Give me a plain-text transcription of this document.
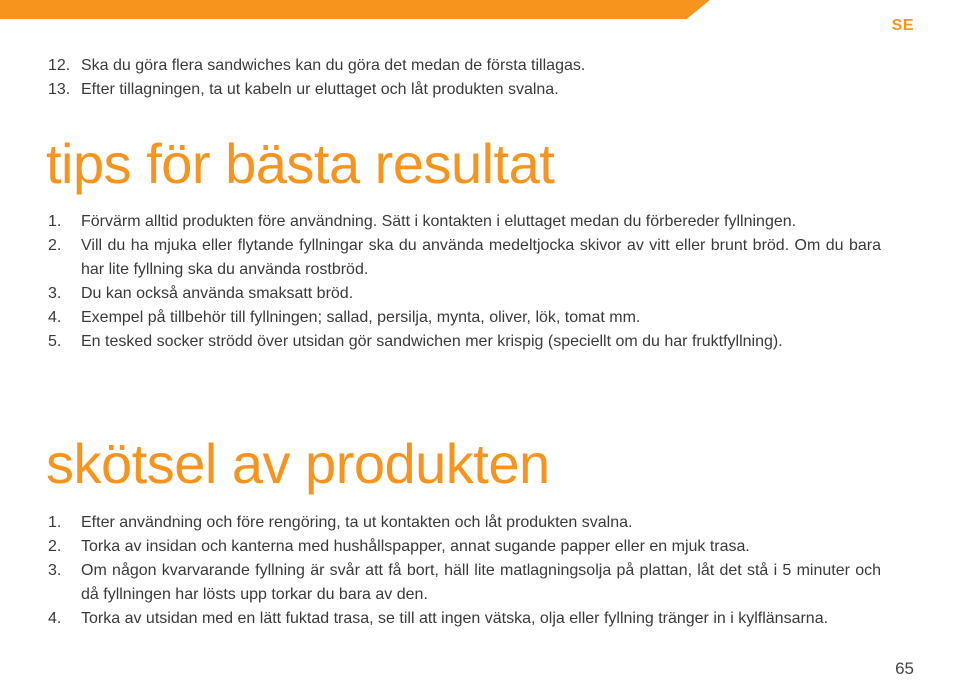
SE
12. Ska du göra flera sandwiches kan du göra det medan de första tillagas.
13. Efter tillagningen, ta ut kabeln ur eluttaget och låt produkten svalna.
tips för bästa resultat
1. Förvärm alltid produkten före användning. Sätt i kontakten i eluttaget medan du förbereder fyllningen.
2. Vill du ha mjuka eller flytande fyllningar ska du använda medeltjocka skivor av vitt eller brunt bröd. Om du bara har lite fyllning ska du använda rostbröd.
3. Du kan också använda smaksatt bröd.
4. Exempel på tillbehör till fyllningen; sallad, persilja, mynta, oliver, lök, tomat mm.
5. En tesked socker strödd över utsidan gör sandwichen mer krispig (speciellt om du har fruktfyllning).
skötsel av produkten
1. Efter användning och före rengöring, ta ut kontakten och låt produkten svalna.
2. Torka av insidan och kanterna med hushållspapper, annat sugande papper eller en mjuk trasa.
3. Om någon kvarvarande fyllning är svår att få bort, häll lite matlagningsolja på plattan, låt det stå i 5 minuter och då fyllningen har lösts upp torkar du bara av den.
4. Torka av utsidan med en lätt fuktad trasa, se till att ingen vätska, olja eller fyllning tränger in i kylflänsarna.
65
